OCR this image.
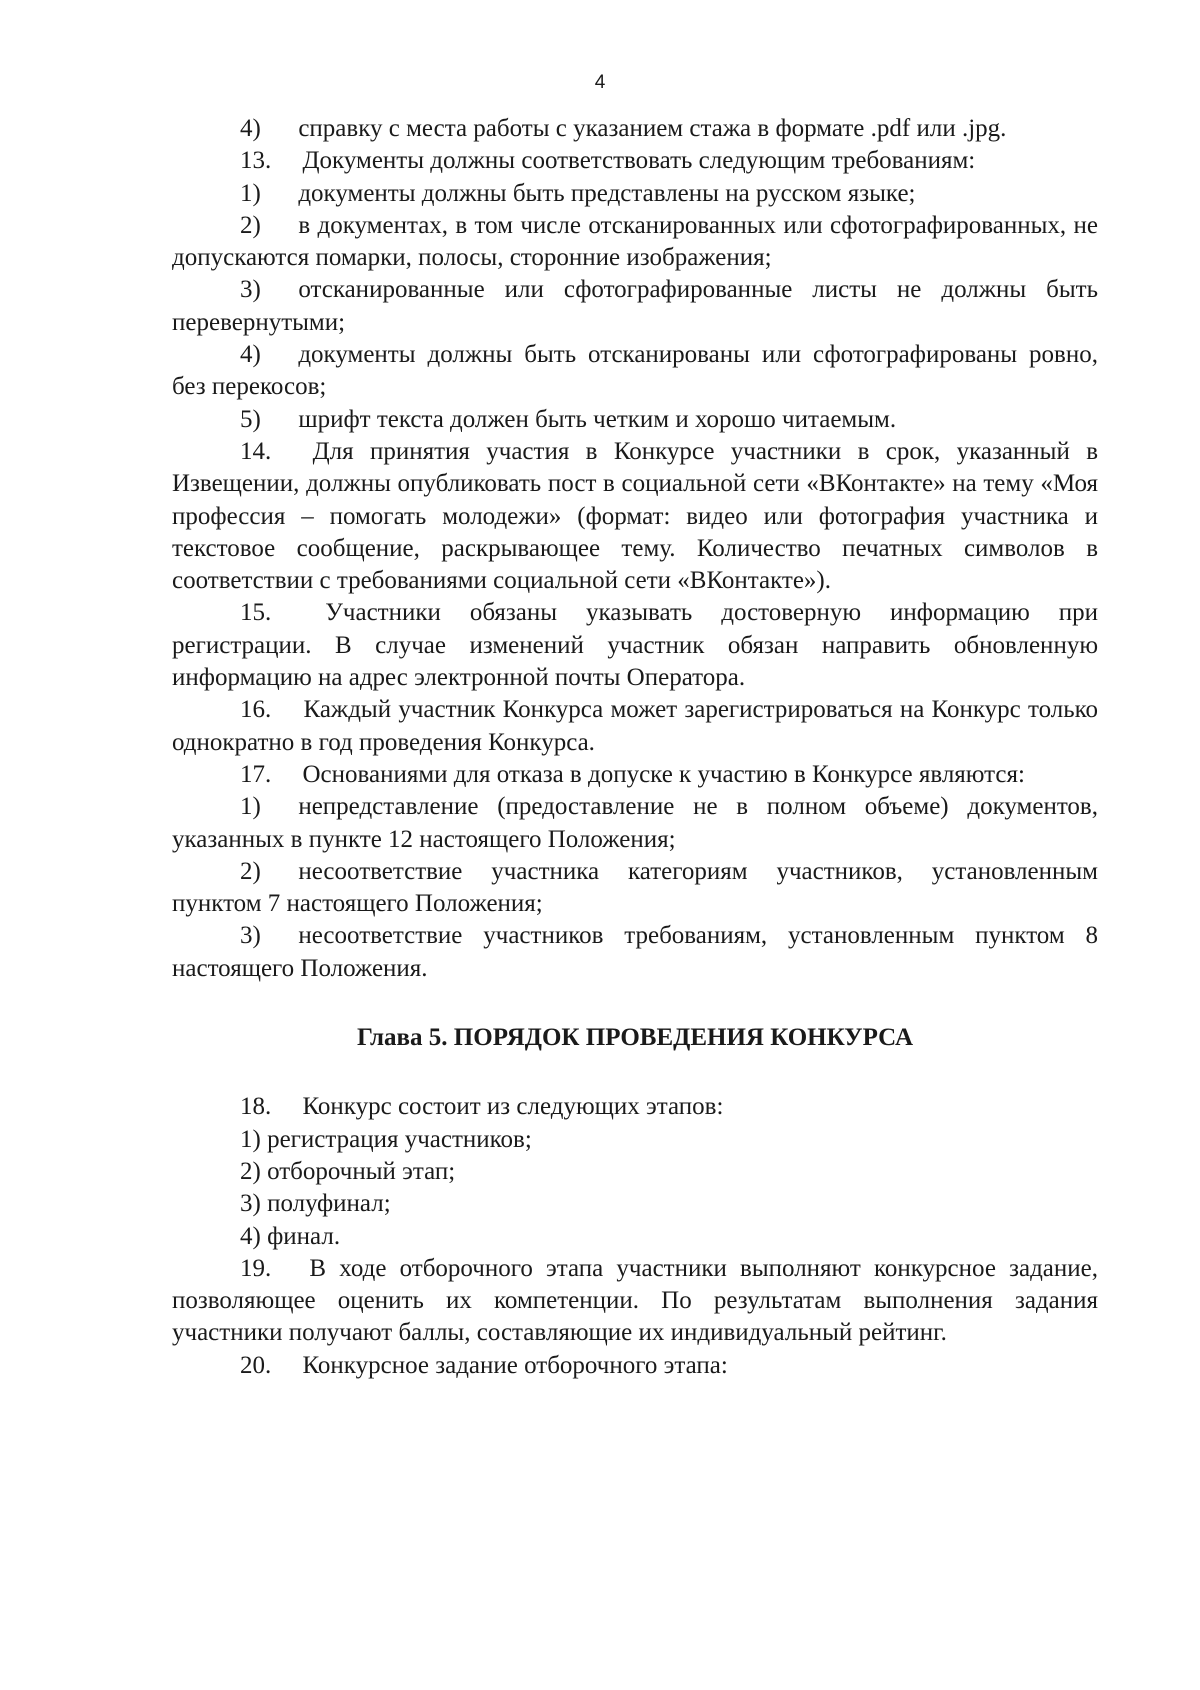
4

4)  справку с места работы с указанием стажа в формате .pdf или .jpg.

13.  Документы должны соответствовать следующим требованиям:

1)  документы должны быть представлены на русском языке;

2)  в документах, в том числе отсканированных или сфотографированных, не допускаются помарки, полосы, сторонние изображения;

3)  отсканированные или сфотографированные листы не должны быть перевернутыми;

4)  документы должны быть отсканированы или сфотографированы ровно, без перекосов;

5)  шрифт текста должен быть четким и хорошо читаемым.

14.  Для принятия участия в Конкурсе участники в срок, указанный в Извещении, должны опубликовать пост в социальной сети «ВКонтакте» на тему «Моя профессия – помогать молодежи» (формат: видео или фотография участника и текстовое сообщение, раскрывающее тему. Количество печатных символов в соответствии с требованиями социальной сети «ВКонтакте»).

15.  Участники обязаны указывать достоверную информацию при регистрации. В случае изменений участник обязан направить обновленную информацию на адрес электронной почты Оператора.

16.  Каждый участник Конкурса может зарегистрироваться на Конкурс только однократно в год проведения Конкурса.

17.  Основаниями для отказа в допуске к участию в Конкурсе являются:

1)  непредставление (предоставление не в полном объеме) документов, указанных в пункте 12 настоящего Положения;

2)  несоответствие участника категориям участников, установленным пунктом 7 настоящего Положения;

3)  несоответствие участников требованиям, установленным пунктом 8 настоящего Положения.

Глава 5. ПОРЯДОК ПРОВЕДЕНИЯ КОНКУРСА

18.  Конкурс состоит из следующих этапов:

1) регистрация участников;
2) отборочный этап;
3) полуфинал;
4) финал.

19.  В ходе отборочного этапа участники выполняют конкурсное задание, позволяющее оценить их компетенции. По результатам выполнения задания участники получают баллы, составляющие их индивидуальный рейтинг.

20.  Конкурсное задание отборочного этапа:
